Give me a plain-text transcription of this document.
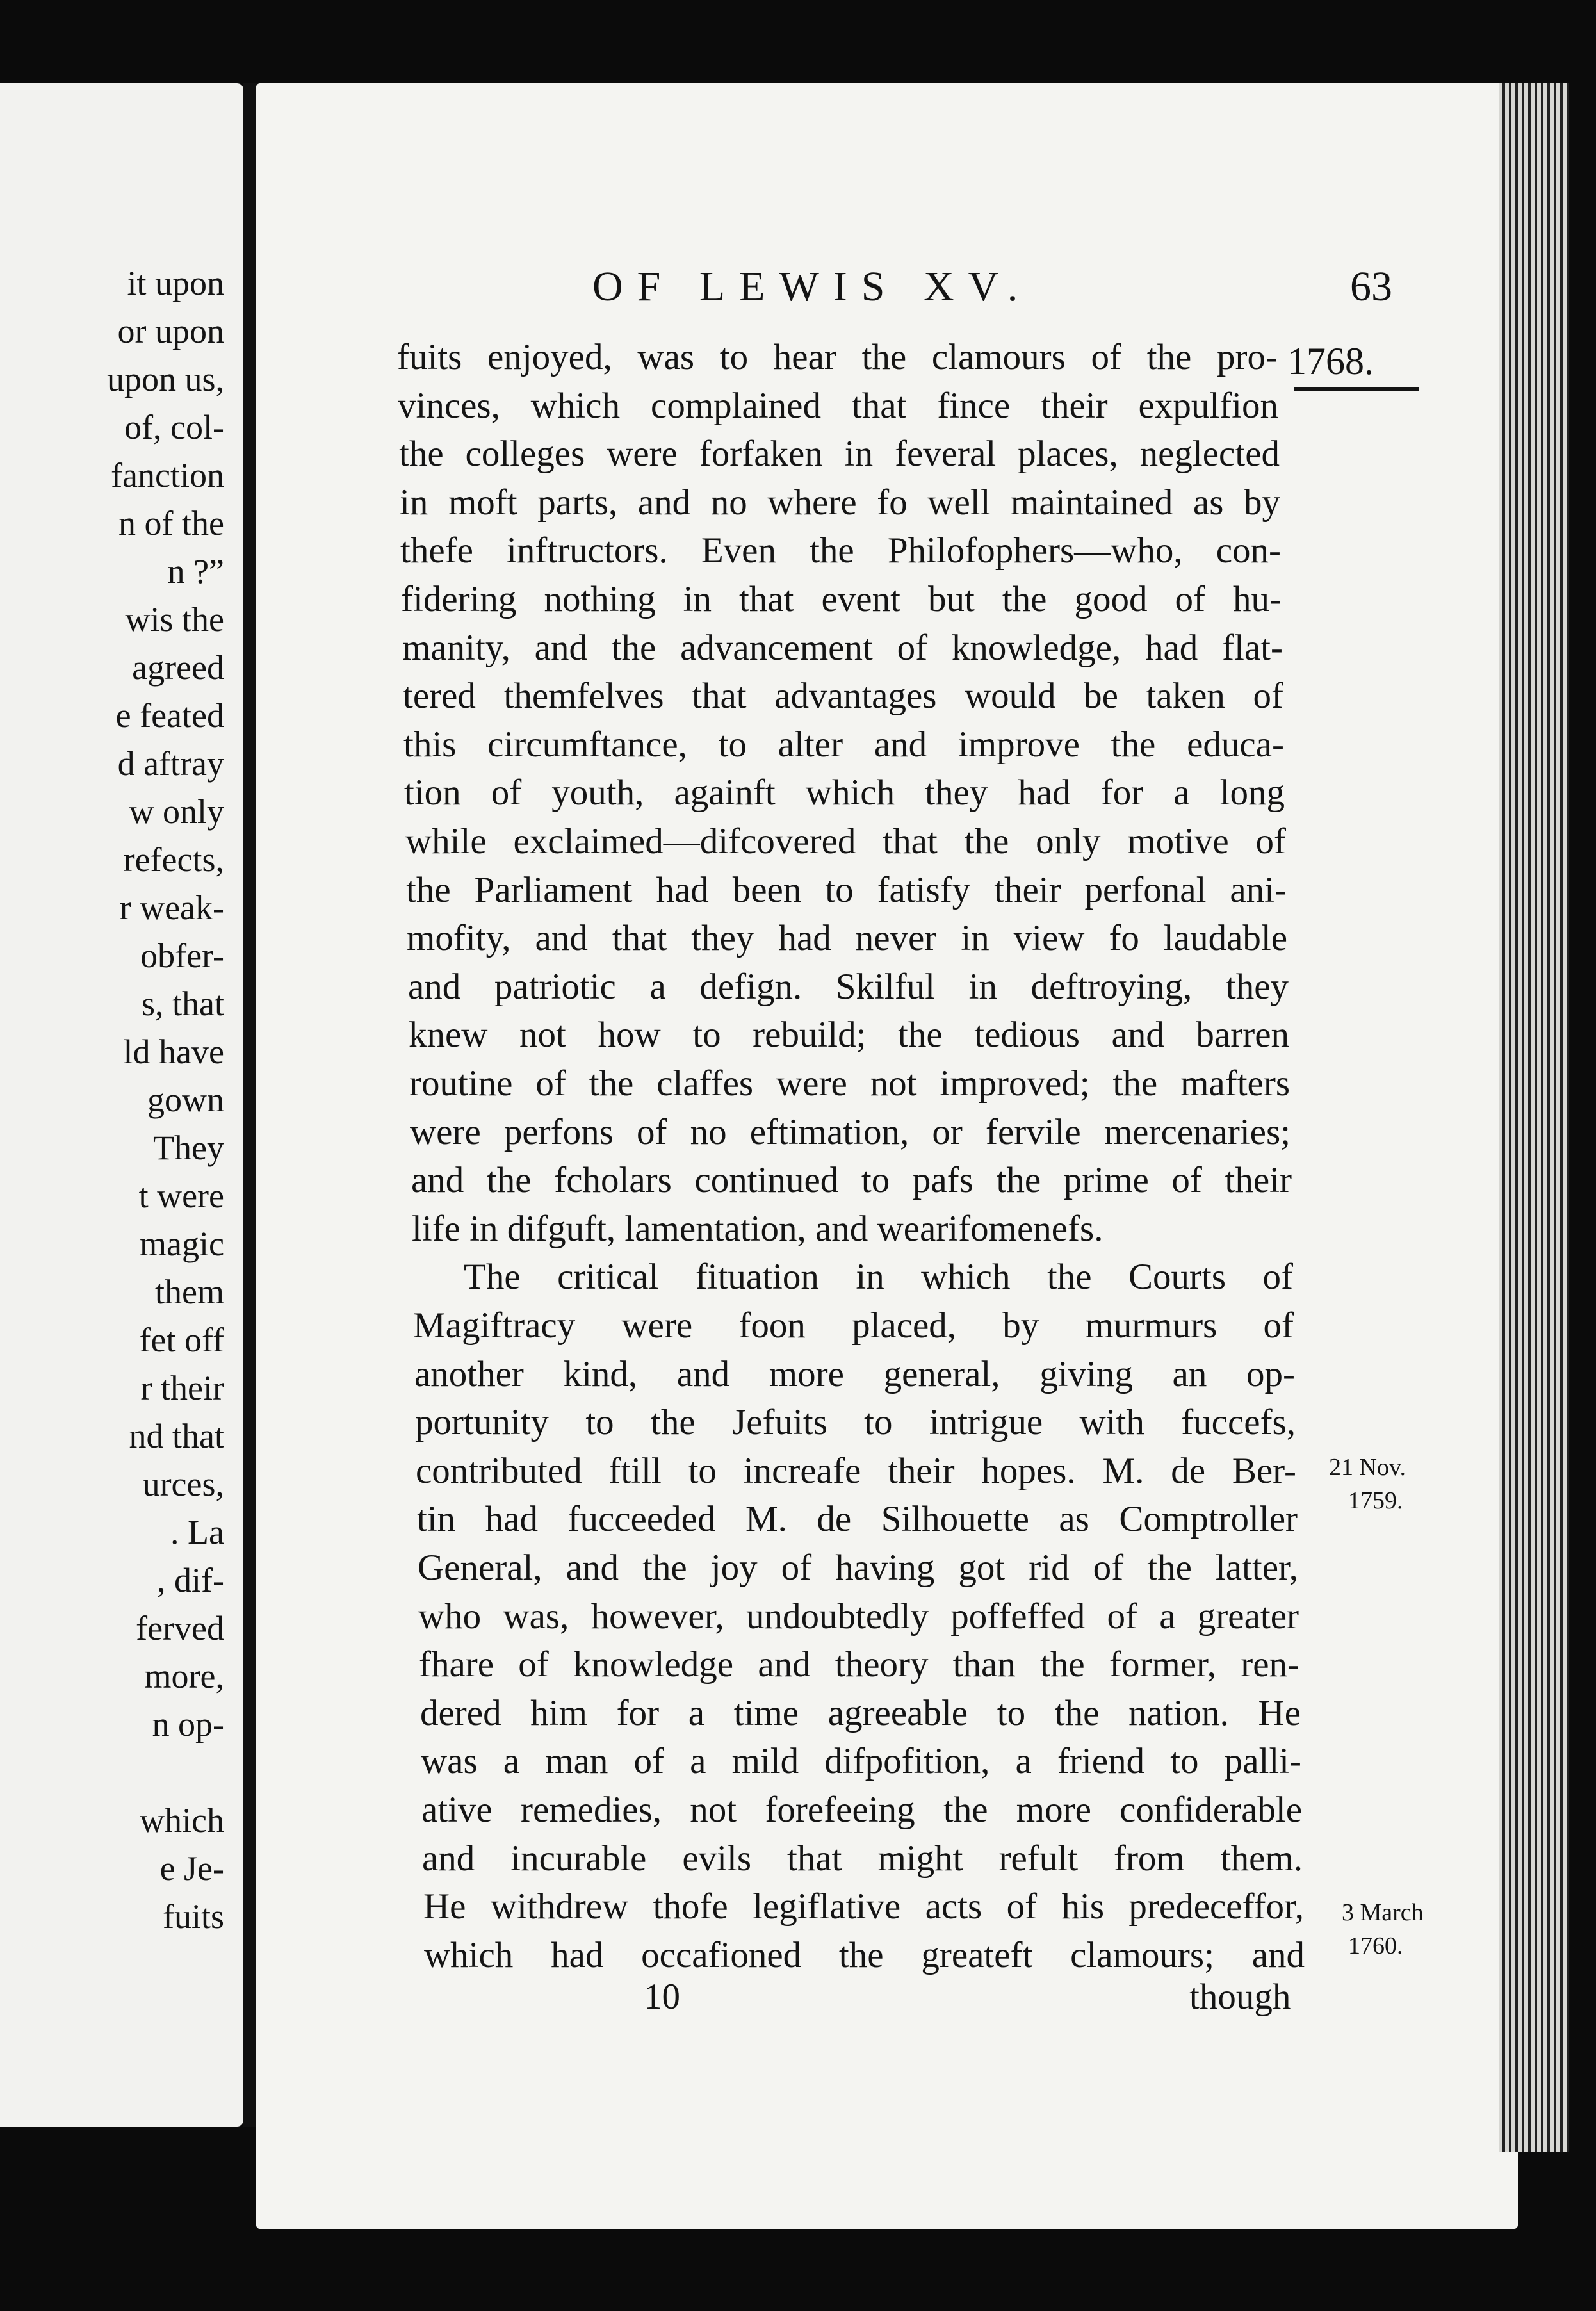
it upon
or upon
upon us,
of, col-
fanction
n of the
n ?”
wis the
agreed
e feated
d aftray
w only
refects,
r weak-
obfer-
s, that
ld have
gown
They
t were
magic
them
fet off
r their
nd that
urces,
. La
, dif-
ferved
more,
n op-
which
e Je-
fuits
OF LEWIS XV.	63
1768.
fuits enjoyed, was to hear the clamours of the pro-
vinces, which complained that fince their expulfion
the colleges were forfaken in feveral places, neglected
in moft parts, and no where fo well maintained as by
thefe inftructors. Even the Philofophers—who, con-
fidering nothing in that event but the good of hu-
manity, and the advancement of knowledge, had flat-
tered themfelves that advantages would be taken of
this circumftance, to alter and improve the educa-
tion of youth, againft which they had for a long
while exclaimed—difcovered that the only motive of
the Parliament had been to fatisfy their perfonal ani-
mofity, and that they had never in view fo laudable
and patriotic a defign. Skilful in deftroying, they
knew not how to rebuild; the tedious and barren
routine of the claffes were not improved; the mafters
were perfons of no eftimation, or fervile mercenaries;
and the fcholars continued to pafs the prime of their
life in difguft, lamentation, and wearifomenefs.
The critical fituation in which the Courts of
Magiftracy were foon placed, by murmurs of
another kind, and more general, giving an op-
portunity to the Jefuits to intrigue with fuccefs,
contributed ftill to increafe their hopes. M. de Ber-
tin had fucceeded M. de Silhouette as Comptroller
General, and the joy of having got rid of the latter,
who was, however, undoubtedly poffeffed of a greater
fhare of knowledge and theory than the former, ren-
dered him for a time agreeable to the nation. He
was a man of a mild difpofition, a friend to palli-
ative remedies, not forefeeing the more confiderable
and incurable evils that might refult from them.
He withdrew thofe legiflative acts of his predeceffor,
which had occafioned the greateft clamours; and
21 Nov.
1759.
3 March
1760.
10	though
